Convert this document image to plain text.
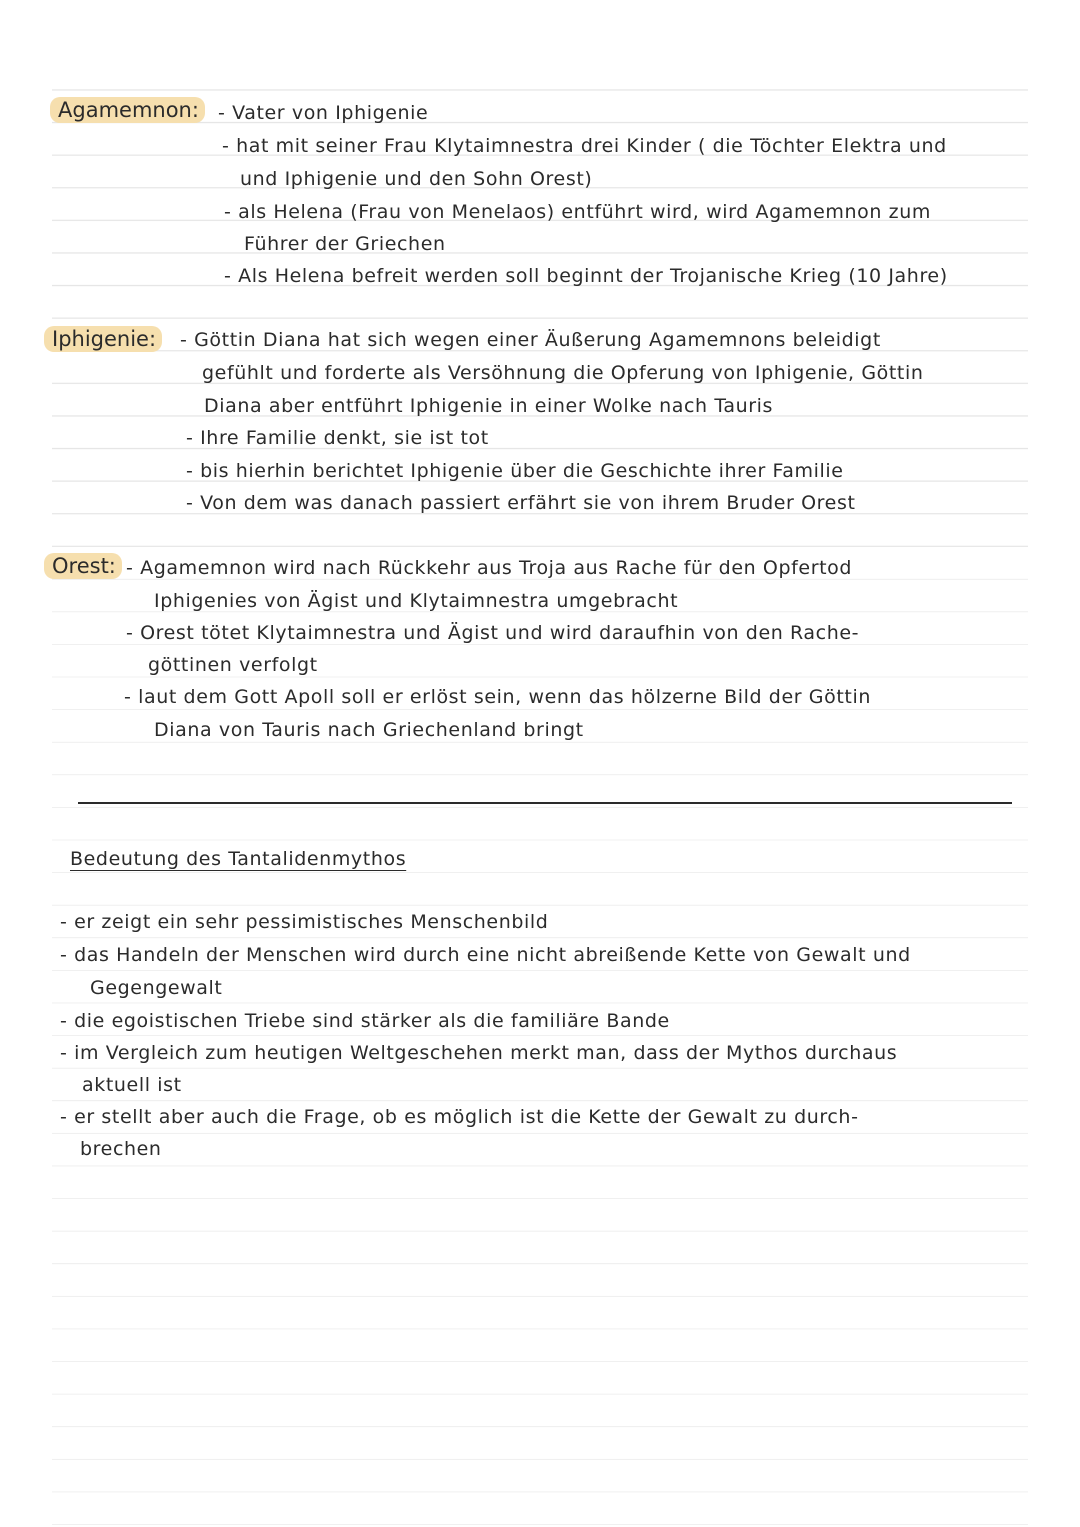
Agamemnon:	- Vater von Iphigenie
- hat mit seiner Frau Klytaimnestra drei Kinder ( die Töchter Elektra und
und Iphigenie und den Sohn Orest)
- als Helena (Frau von Menelaos) entführt wird, wird Agamemnon zum
Führer der Griechen
- Als Helena befreit werden soll beginnt der Trojanische Krieg (10 Jahre)
Iphigenie:	- Göttin Diana hat sich wegen einer Äußerung Agamemnons beleidigt
gefühlt und forderte als Versöhnung die Opferung von Iphigenie, Göttin
Diana aber entführt Iphigenie in einer Wolke nach Tauris
- Ihre Familie denkt, sie ist tot
- bis hierhin berichtet Iphigenie über die Geschichte ihrer Familie
- Von dem was danach passiert erfährt sie von ihrem Bruder Orest
Orest: - Agamemnon wird nach Rückkehr aus Troja aus Rache für den Opfertod
Iphigenies von Ägist und Klytaimnestra umgebracht
- Orest tötet Klytaimnestra und Ägist und wird daraufhin von den Rache-
göttinen verfolgt
- laut dem Gott Apoll soll er erlöst sein, wenn das hölzerne Bild der Göttin
Diana von Tauris nach Griechenland bringt
Bedeutung des Tantalidenmythos
- er zeigt ein sehr pessimistisches Menschenbild
- das Handeln der Menschen wird durch eine nicht abreißende Kette von Gewalt und
Gegengewalt
- die egoistischen Triebe sind stärker als die familiäre Bande
- im Vergleich zum heutigen Weltgeschehen merkt man, dass der Mythos durchaus
aktuell ist
- er stellt aber auch die Frage, ob es möglich ist die Kette der Gewalt zu durch-
brechen
